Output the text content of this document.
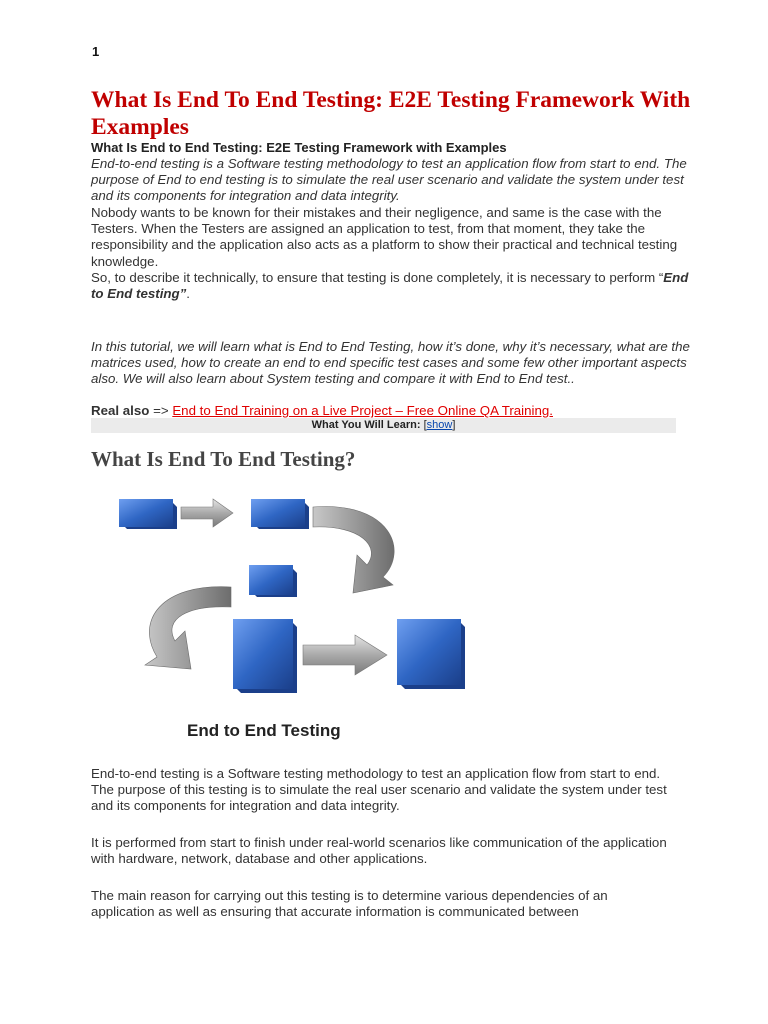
1
What Is End To End Testing: E2E Testing Framework With Examples
What Is End to End Testing: E2E Testing Framework with Examples
End-to-end testing is a Software testing methodology to test an application flow from start to end. The purpose of End to end testing is to simulate the real user scenario and validate the system under test and its components for integration and data integrity.
Nobody wants to be known for their mistakes and their negligence, and same is the case with the Testers. When the Testers are assigned an application to test, from that moment, they take the responsibility and the application also acts as a platform to show their practical and technical testing knowledge.
So, to describe it technically, to ensure that testing is done completely, it is necessary to perform “End to End testing”.
In this tutorial, we will learn what is End to End Testing, how it’s done, why it’s necessary, what are the matrices used, how to create an end to end specific test cases and some few other important aspects also. We will also learn about System testing and compare it with End to End test..
Real also => End to End Training on a Live Project – Free Online QA Training.
What You Will Learn: [show]
What Is End To End Testing?
End to End Testing
End-to-end testing is a Software testing methodology to test an application flow from start to end. The purpose of this testing is to simulate the real user scenario and validate the system under test and its components for integration and data integrity.
It is performed from start to finish under real-world scenarios like communication of the application with hardware, network, database and other applications.
The main reason for carrying out this testing is to determine various dependencies of an application as well as ensuring that accurate information is communicated between
